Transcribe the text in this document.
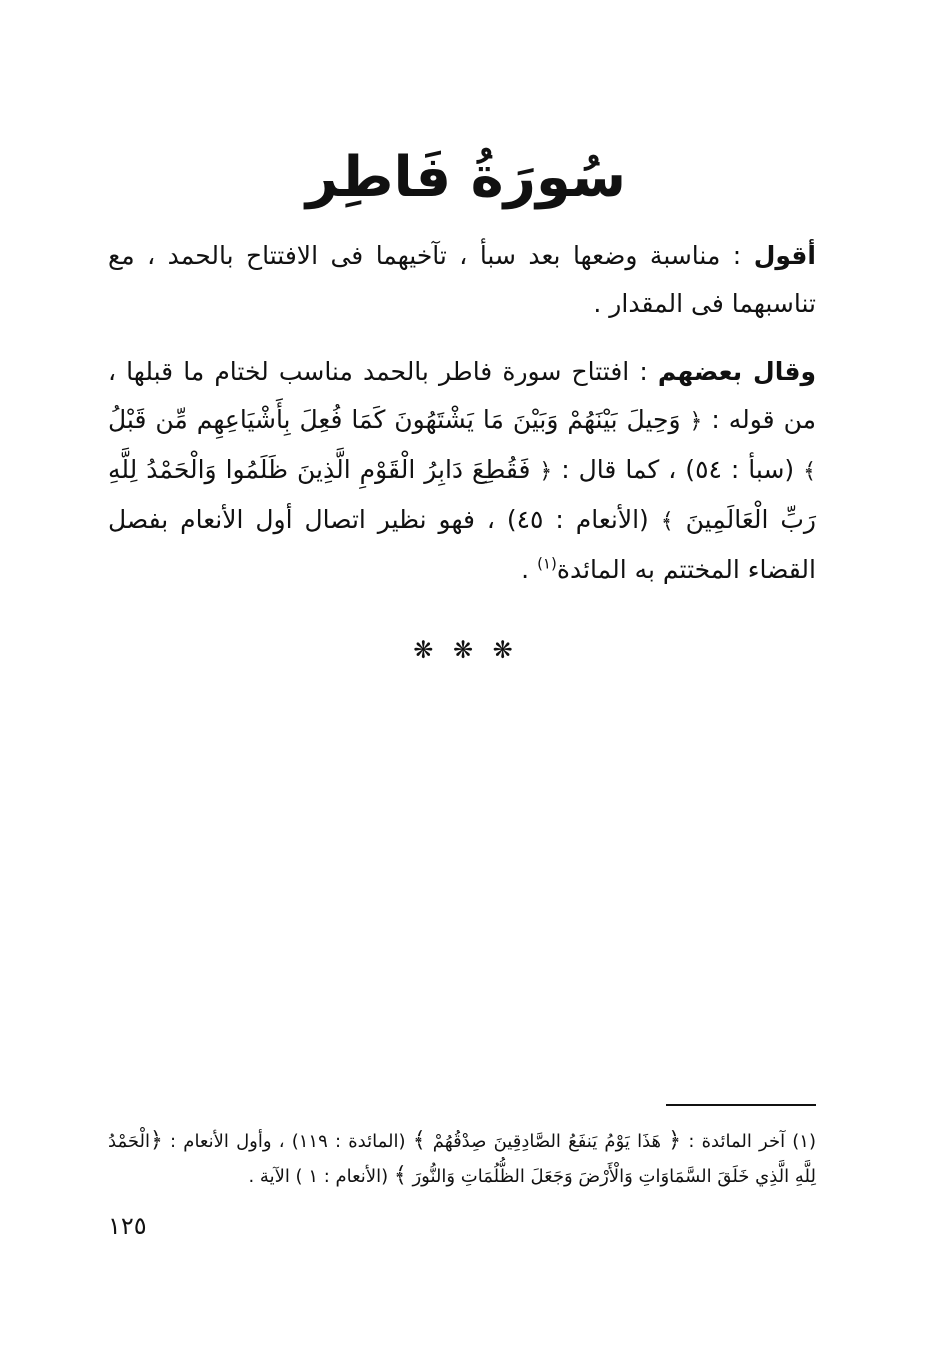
سُورَةُ فَاطِر

أقول : مناسبة وضعها بعد سبأ ، تآخيهما فى الافتتاح بالحمد ، مع تناسبهما فى المقدار .

وقال بعضهم : افتتاح سورة فاطر بالحمد مناسب لختام ما قبلها ، من قوله : ﴿ وَحِيلَ بَيْنَهُمْ وَبَيْنَ مَا يَشْتَهُونَ كَمَا فُعِلَ بِأَشْيَاعِهِم مِّن قَبْلُ ﴾ (سبأ : ٥٤) ، كما قال : ﴿ فَقُطِعَ دَابِرُ الْقَوْمِ الَّذِينَ ظَلَمُوا وَالْحَمْدُ لِلَّهِ رَبِّ الْعَالَمِينَ ﴾ (الأنعام : ٤٥) ، فهو نظير اتصال أول الأنعام بفصل القضاء المختتم به المائدة$^{(١)}$ .

❋ ❋ ❋
(١) آخر المائدة : ﴿ هَذَا يَوْمُ يَنفَعُ الصَّادِقِينَ صِدْقُهُمْ ﴾ (المائدة : ١١٩) ، وأول الأنعام : ﴿الْحَمْدُ لِلَّهِ الَّذِي خَلَقَ السَّمَاوَاتِ وَالْأَرْضَ وَجَعَلَ الظُّلُمَاتِ وَالنُّورَ ﴾ (الأنعام : ١ ) الآية .
١٢٥
